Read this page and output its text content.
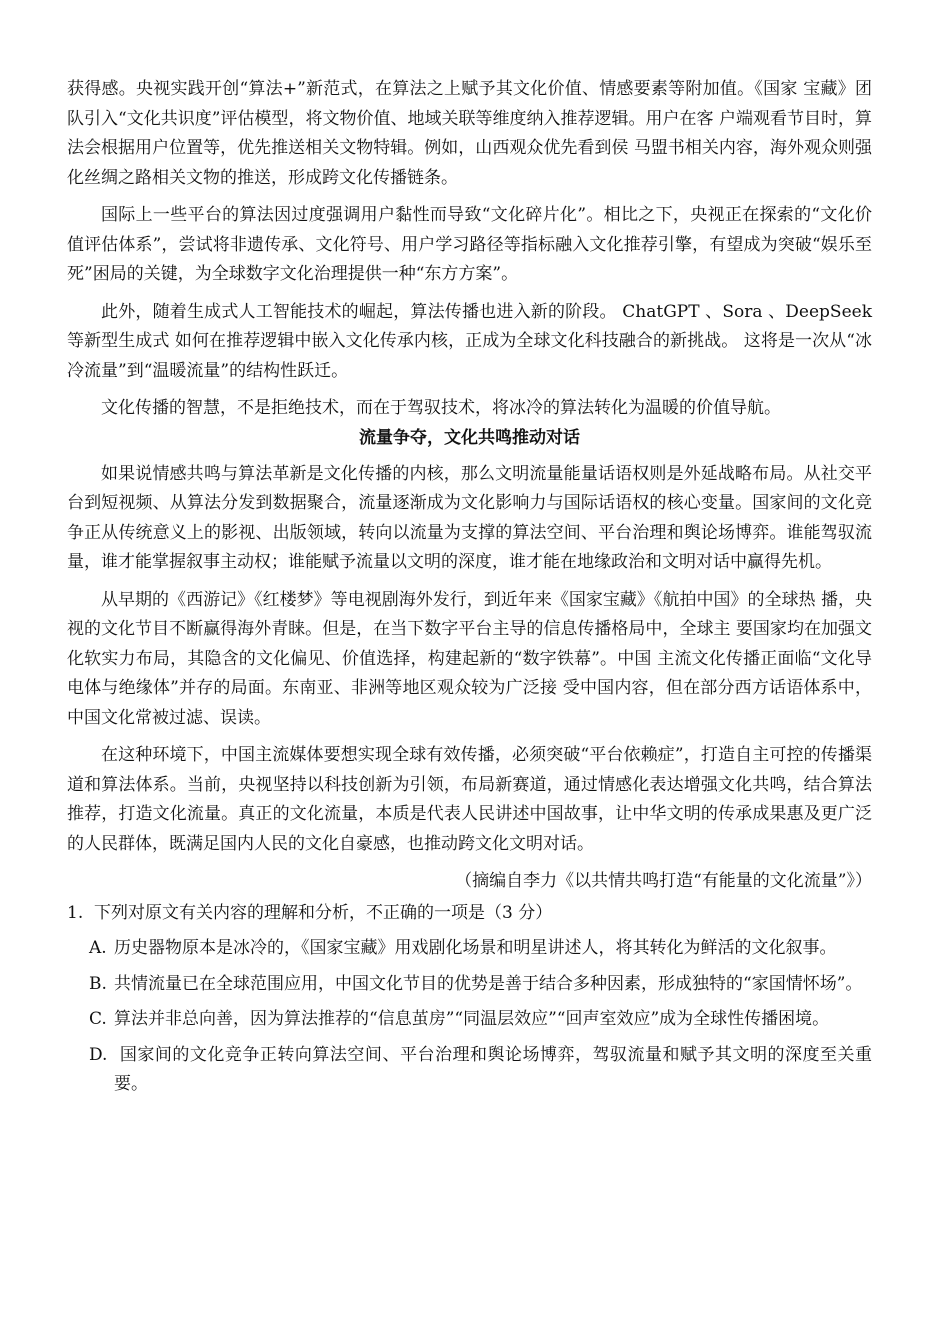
获得感。央视实践开创“算法+”新范式，在算法之上赋予其文化价值、情感要素等附加值。《国家 宝藏》团队引入“文化共识度”评估模型，将文物价值、地域关联等维度纳入推荐逻辑。用户在客 户端观看节目时，算法会根据用户位置等，优先推送相关文物特辑。例如，山西观众优先看到侯 马盟书相关内容，海外观众则强化丝绸之路相关文物的推送，形成跨文化传播链条。

国际上一些平台的算法因过度强调用户黏性而导致“文化碎片化”。相比之下，央视正在探索的“文化价值评估体系”，尝试将非遗传承、文化符号、用户学习路径等指标融入文化推荐引擎，有望成为突破“娱乐至死”困局的关键，为全球数字文化治理提供一种“东方方案”。

此外，随着生成式人工智能技术的崛起，算法传播也进入新的阶段。 ChatGPT 、Sora 、DeepSeek 等新型生成式 如何在推荐逻辑中嵌入文化传承内核，正成为全球文化科技融合的新挑战。 这将是一次从“冰冷流量”到“温暖流量”的结构性跃迁。

文化传播的智慧，不是拒绝技术，而在于驾驭技术，将冰冷的算法转化为温暖的价值导航。

流量争夺，文化共鸣推动对话

如果说情感共鸣与算法革新是文化传播的内核，那么文明流量能量话语权则是外延战略布局。从社交平台到短视频、从算法分发到数据聚合，流量逐渐成为文化影响力与国际话语权的核心变量。国家间的文化竞争正从传统意义上的影视、出版领域，转向以流量为支撑的算法空间、平台治理和舆论场博弈。谁能驾驭流量，谁才能掌握叙事主动权；谁能赋予流量以文明的深度，谁才能在地缘政治和文明对话中赢得先机。

从早期的《西游记》《红楼梦》等电视剧海外发行，到近年来《国家宝藏》《航拍中国》的全球热 播，央视的文化节目不断赢得海外青睐。但是，在当下数字平台主导的信息传播格局中，全球主 要国家均在加强文化软实力布局，其隐含的文化偏见、价值选择，构建起新的“数字铁幕”。中国 主流文化传播正面临“文化导电体与绝缘体”并存的局面。东南亚、非洲等地区观众较为广泛接 受中国内容，但在部分西方话语体系中，中国文化常被过滤、误读。

在这种环境下，中国主流媒体要想实现全球有效传播，必须突破“平台依赖症”，打造自主可控的传播渠道和算法体系。当前，央视坚持以科技创新为引领，布局新赛道，通过情感化表达增强文化共鸣，结合算法推荐，打造文化流量。真正的文化流量，本质是代表人民讲述中国故事，让中华文明的传承成果惠及更广泛的人民群体，既满足国内人民的文化自豪感，也推动跨文化文明对话。

（摘编自李力《以共情共鸣打造“有能量的文化流量”》）

1. 下列对原文有关内容的理解和分析，不正确的一项是（3 分）

A. 历史器物原本是冰冷的，《国家宝藏》用戏剧化场景和明星讲述人，将其转化为鲜活的文化叙事。

B. 共情流量已在全球范围应用，中国文化节目的优势是善于结合多种因素，形成独特的“家国情怀场”。

C. 算法并非总向善，因为算法推荐的“信息茧房”“同温层效应”“回声室效应”成为全球性传播困境。

D. 国家间的文化竞争正转向算法空间、平台治理和舆论场博弈，驾驭流量和赋予其文明的深度至关重要。
